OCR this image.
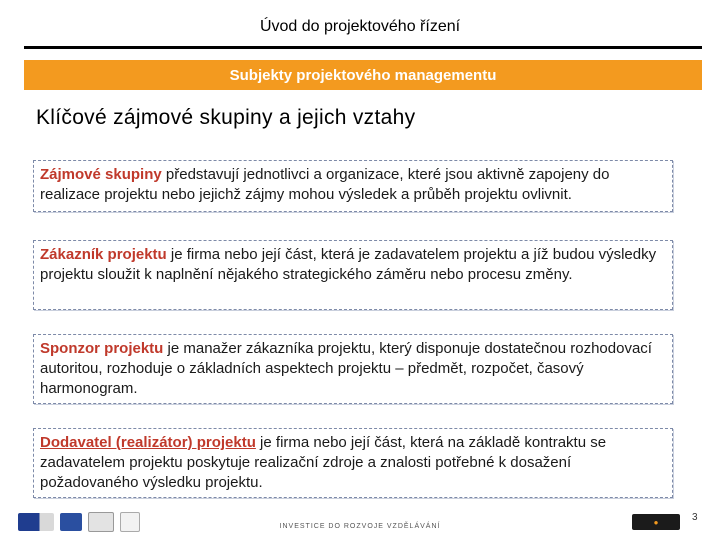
Úvod do projektového řízení
Subjekty projektového managementu
Klíčové zájmové skupiny a jejich vztahy
Zájmové skupiny představují jednotlivci a organizace, které jsou aktivně zapojeny do realizace projektu nebo jejichž zájmy mohou výsledek a průběh projektu ovlivnit.
Zákazník projektu je firma nebo její část, která je zadavatelem projektu a jíž budou výsledky projektu sloužit k naplnění nějakého strategického záměru nebo procesu změny.
Sponzor projektu je manažer zákazníka projektu, který disponuje dostatečnou rozhodovací autoritou, rozhoduje o základních aspektech projektu – předmět, rozpočet, časový harmonogram.
Dodavatel (realizátor) projektu je firma nebo její část, která na základě kontraktu se zadavatelem projektu poskytuje realizační zdroje a znalosti potřebné k dosažení požadovaného výsledku projektu.
INVESTICE DO ROZVOJE VZDĚLÁVÁNÍ	●	3
